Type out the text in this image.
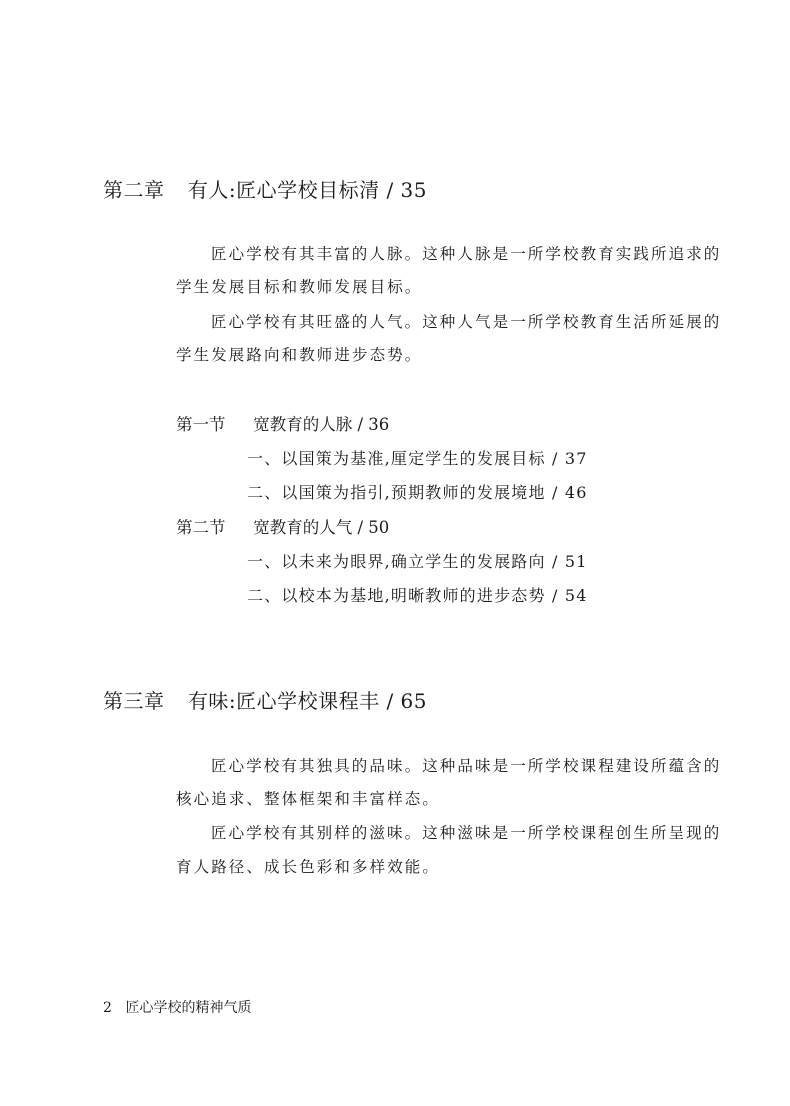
第二章 有人:匠心学校目标清 / 35
匠心学校有其丰富的人脉。这种人脉是一所学校教育实践所追求的
学生发展目标和教师发展目标。
匠心学校有其旺盛的人气。这种人气是一所学校教育生活所延展的
学生发展路向和教师进步态势。
第一节 宽教育的人脉 / 36
一、以国策为基准,厘定学生的发展目标 / 37
二、以国策为指引,预期教师的发展境地 / 46
第二节 宽教育的人气 / 50
一、以未来为眼界,确立学生的发展路向 / 51
二、以校本为基地,明晰教师的进步态势 / 54
第三章 有味:匠心学校课程丰 / 65
匠心学校有其独具的品味。这种品味是一所学校课程建设所蕴含的
核心追求、整体框架和丰富样态。
匠心学校有其别样的滋味。这种滋味是一所学校课程创生所呈现的
育人路径、成长色彩和多样效能。
2 匠心学校的精神气质
